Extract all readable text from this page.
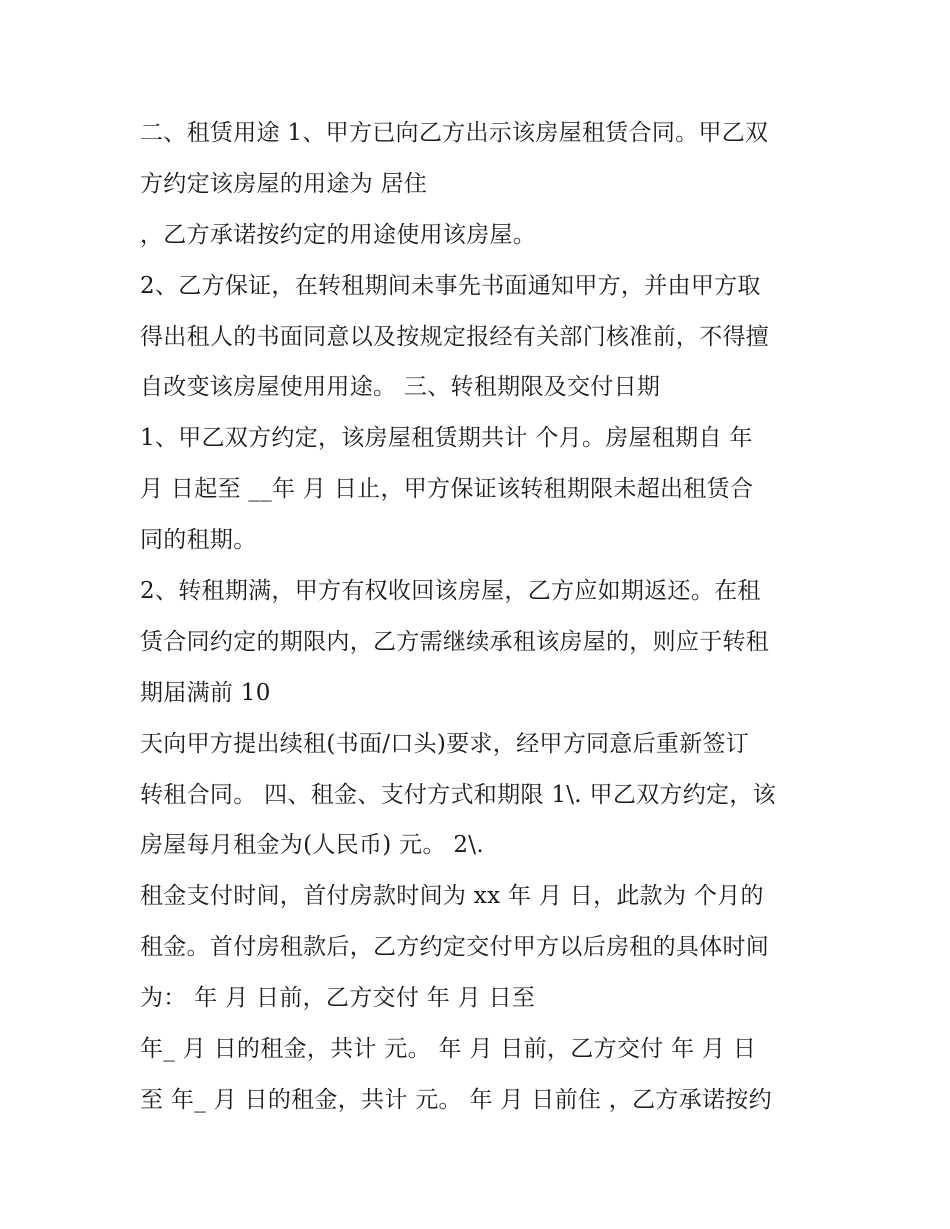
二、租赁用途 1、甲方已向乙方出示该房屋租赁合同。甲乙双
方约定该房屋的用途为 居住
，乙方承诺按约定的用途使用该房屋。
2、乙方保证，在转租期间未事先书面通知甲方，并由甲方取
得出租人的书面同意以及按规定报经有关部门核准前，不得擅
自改变该房屋使用用途。 三、转租期限及交付日期
1、甲乙双方约定，该房屋租赁期共计 个月。房屋租期自 年
月 日起至 __年 月 日止，甲方保证该转租期限未超出租赁合
同的租期。
2、转租期满，甲方有权收回该房屋，乙方应如期返还。在租
赁合同约定的期限内，乙方需继续承租该房屋的，则应于转租
期届满前 10
天向甲方提出续租(书面/口头)要求，经甲方同意后重新签订
转租合同。 四、租金、支付方式和期限 1\. 甲乙双方约定，该
房屋每月租金为(人民币) 元。 2\.
租金支付时间，首付房款时间为 xx 年 月 日，此款为 个月的
租金。首付房租款后，乙方约定交付甲方以后房租的具体时间
为： 年 月 日前，乙方交付 年 月 日至
年_ 月 日的租金，共计 元。 年 月 日前，乙方交付 年 月 日
至 年_ 月 日的租金，共计 元。 年 月 日前住 ，乙方承诺按约
